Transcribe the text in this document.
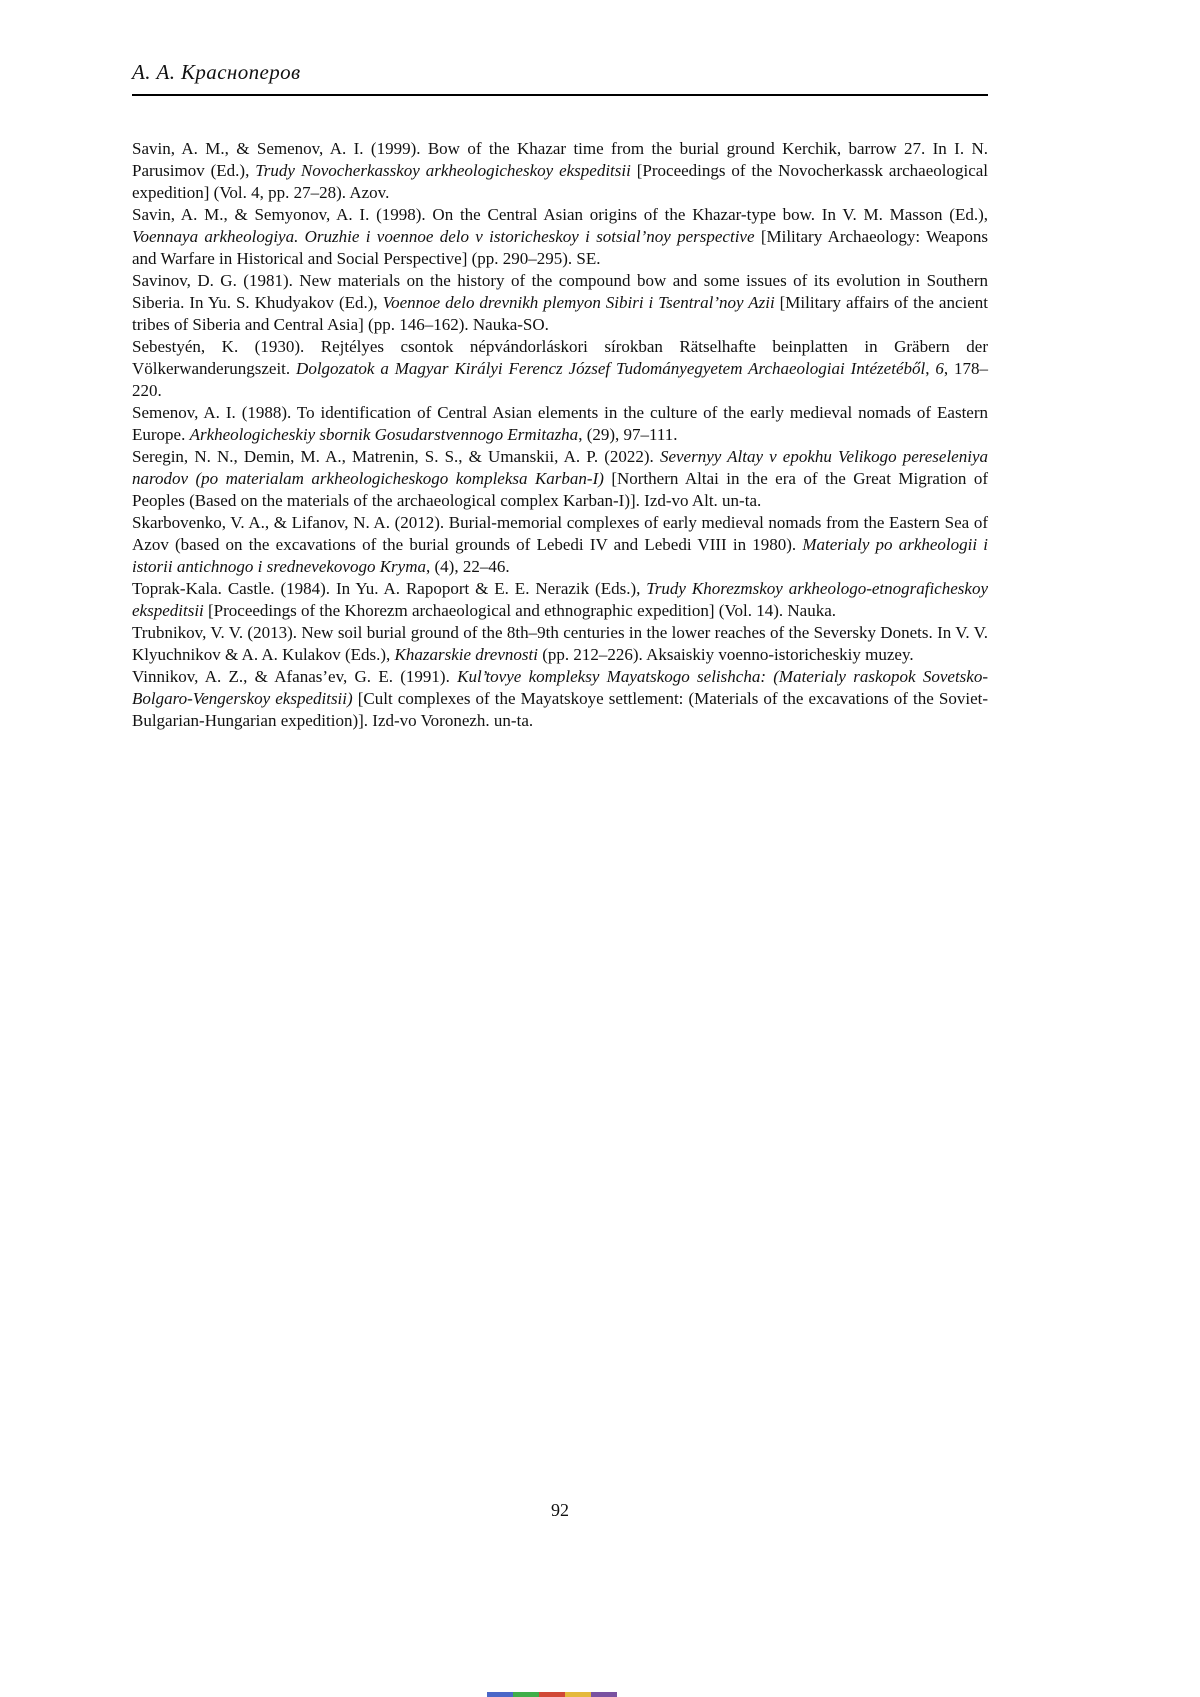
А. А. Красноперов

Savin, A. M., & Semenov, A. I. (1999). Bow of the Khazar time from the burial ground Kerchik, barrow 27. In I. N. Parusimov (Ed.), Trudy Novocherkasskoy arkheologicheskoy ekspeditsii [Proceedings of the Novocherkassk archaeological expedition] (Vol. 4, pp. 27–28). Azov.

Savin, A. M., & Semyonov, A. I. (1998). On the Central Asian origins of the Khazar-type bow. In V. M. Masson (Ed.), Voennaya arkheologiya. Oruzhie i voennoe delo v istoricheskoy i sotsial’noy perspective [Military Archaeology: Weapons and Warfare in Historical and Social Perspective] (pp. 290–295). SE.

Savinov, D. G. (1981). New materials on the history of the compound bow and some issues of its evolution in Southern Siberia. In Yu. S. Khudyakov (Ed.), Voennoe delo drevnikh plemyon Sibiri i Tsentral’noy Azii [Military affairs of the ancient tribes of Siberia and Central Asia] (pp. 146–162). Nauka-SO.

Sebestyén, K. (1930). Rejtélyes csontok népvándorláskori sírokban Rätselhafte beinplatten in Gräbern der Völkerwanderungszeit. Dolgozatok a Magyar Királyi Ferencz József Tudományegyetem Archaeologiai Intézetéből, 6, 178–220.

Semenov, A. I. (1988). To identification of Central Asian elements in the culture of the early medieval nomads of Eastern Europe. Arkheologicheskiy sbornik Gosudarstvennogo Ermitazha, (29), 97–111.

Seregin, N. N., Demin, M. A., Matrenin, S. S., & Umanskii, A. P. (2022). Severnyy Altay v epokhu Velikogo pereseleniya narodov (po materialam arkheologicheskogo kompleksa Karban-I) [Northern Altai in the era of the Great Migration of Peoples (Based on the materials of the archaeological complex Karban-I)]. Izd-vo Alt. un-ta.

Skarbovenko, V. A., & Lifanov, N. A. (2012). Burial-memorial complexes of early medieval nomads from the Eastern Sea of Azov (based on the excavations of the burial grounds of Lebedi IV and Lebedi VIII in 1980). Materialy po arkheologii i istorii antichnogo i srednevekovogo Kryma, (4), 22–46.

Toprak-Kala. Castle. (1984). In Yu. A. Rapoport & E. E. Nerazik (Eds.), Trudy Khorezmskoy arkheologo-etnograficheskoy ekspeditsii [Proceedings of the Khorezm archaeological and ethnographic expedition] (Vol. 14). Nauka.

Trubnikov, V. V. (2013). New soil burial ground of the 8th–9th centuries in the lower reaches of the Seversky Donets. In V. V. Klyuchnikov & A. A. Kulakov (Eds.), Khazarskie drevnosti (pp. 212–226). Aksaiskiy voenno-istoricheskiy muzey.

Vinnikov, A. Z., & Afanas’ev, G. E. (1991). Kul’tovye kompleksy Mayatskogo selishcha: (Materialy raskopok Sovetsko-Bolgaro-Vengerskoy ekspeditsii) [Cult complexes of the Mayatskoye settlement: (Materials of the excavations of the Soviet-Bulgarian-Hungarian expedition)]. Izd-vo Voronezh. un-ta.

92
